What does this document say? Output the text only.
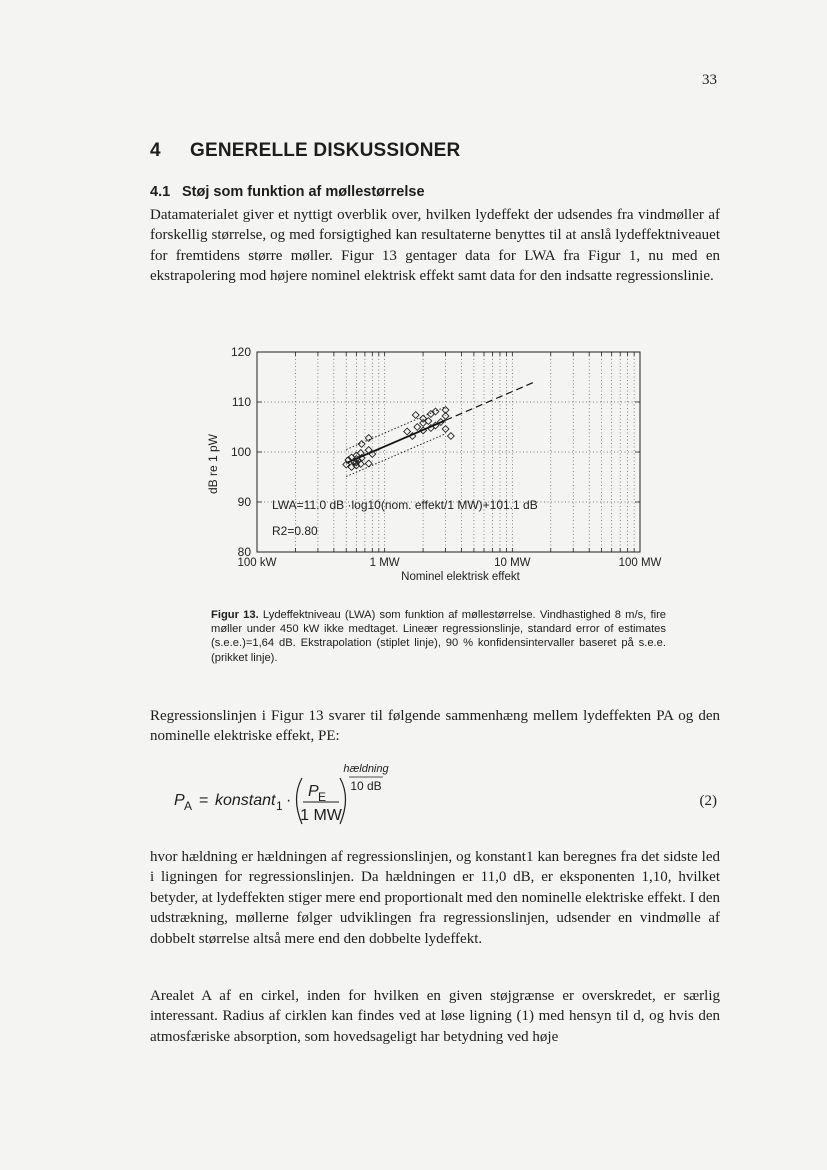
33
4 GENERELLE DISKUSSIONER
4.1 Støj som funktion af møllestørrelse

Datamaterialet giver et nyttigt overblik over, hvilken lydeffekt der udsendes fra vindmøller af forskellig størrelse, og med forsigtighed kan resultaterne benyttes til at anslå lydeffektniveauet for fremtidens større møller. Figur 13 gentager data for LWA fra Figur 1, nu med en ekstrapolering mod højere nominel elektrisk effekt samt data for den indsatte regressionslinie.

80
90
100
110
120
100 kW	1 MW	10 MW	100 MW
LWA=11.0 dB ·log10(nom. effekt/1 MW)+101.1 dB
R2=0.80
Nominel elektrisk effekt
dB re 1 pW
Figur 13. Lydeffektniveau (LWA) som funktion af møllestørrelse. Vindhastighed 8 m/s, fire møller under 450 kW ikke medtaget. Lineær regressionslinje, standard error of estimates (s.e.e.)=1,64 dB. Ekstrapolation (stiplet linje), 90 % konfidensintervaller baseret på s.e.e. (prikket linje).

Regressionslinjen i Figur 13 svarer til følgende sammenhæng mellem lydeffekten PA og den nominelle elektriske effekt, PE:

P A = konstant 1 ·
P E
1 MW
hældning
10 dB
(2)

hvor hældning er hældningen af regressionslinjen, og konstant1 kan beregnes fra det sidste led i ligningen for regressionslinjen. Da hældningen er 11,0 dB, er eksponenten 1,10, hvilket betyder, at lydeffekten stiger mere end proportionalt med den nominelle elektriske effekt. I den udstrækning, møllerne følger udviklingen fra regressionslinjen, udsender en vindmølle af dobbelt størrelse altså mere end den dobbelte lydeffekt.

Arealet A af en cirkel, inden for hvilken en given støjgrænse er overskredet, er særlig interessant. Radius af cirklen kan findes ved at løse ligning (1) med hensyn til d, og hvis den atmosfæriske absorption, som hovedsageligt har betydning ved høje
